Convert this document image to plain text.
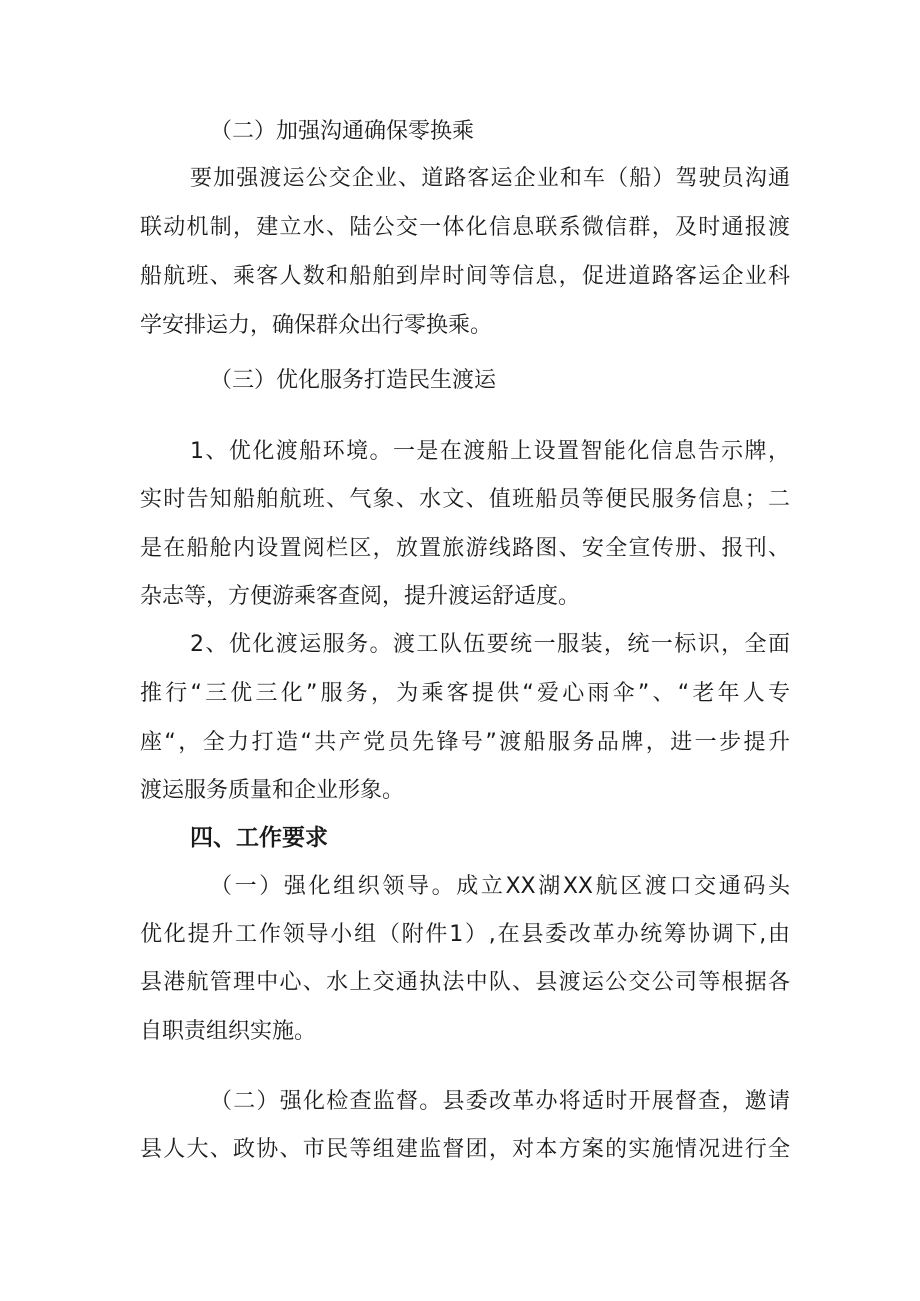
（二）加强沟通确保零换乘
要加强渡运公交企业、道路客运企业和车（船）驾驶员沟通
联动机制，建立水、陆公交一体化信息联系微信群，及时通报渡
船航班、乘客人数和船舶到岸时间等信息，促进道路客运企业科
学安排运力，确保群众出行零换乘。
（三）优化服务打造民生渡运
1、优化渡船环境。一是在渡船上设置智能化信息告示牌，
实时告知船舶航班、气象、水文、值班船员等便民服务信息；二
是在船舱内设置阅栏区，放置旅游线路图、安全宣传册、报刊、
杂志等，方便游乘客查阅，提升渡运舒适度。
2、优化渡运服务。渡工队伍要统一服装，统一标识，全面
推行“三优三化”服务，为乘客提供“爱心雨伞”、“老年人专
座“，全力打造“共产党员先锋号”渡船服务品牌，进一步提升
渡运服务质量和企业形象。
四、工作要求
（一）强化组织领导。成立XX湖XX航区渡口交通码头
优化提升工作领导小组（附件1）,在县委改革办统筹协调下,由
县港航管理中心、水上交通执法中队、县渡运公交公司等根据各
自职责组织实施。
（二）强化检查监督。县委改革办将适时开展督查，邀请
县人大、政协、市民等组建监督团，对本方案的实施情况进行全
